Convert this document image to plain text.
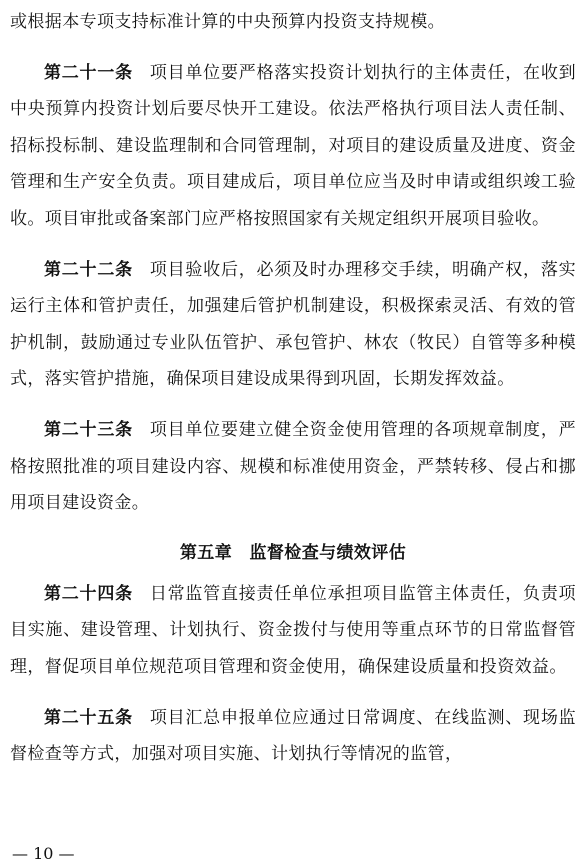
或根据本专项支持标准计算的中央预算内投资支持规模。

第二十一条 项目单位要严格落实投资计划执行的主体责任，在收到中央预算内投资计划后要尽快开工建设。依法严格执行项目法人责任制、招标投标制、建设监理制和合同管理制，对项目的建设质量及进度、资金管理和生产安全负责。项目建成后，项目单位应当及时申请或组织竣工验收。项目审批或备案部门应严格按照国家有关规定组织开展项目验收。

第二十二条 项目验收后，必须及时办理移交手续，明确产权，落实运行主体和管护责任，加强建后管护机制建设，积极探索灵活、有效的管护机制，鼓励通过专业队伍管护、承包管护、林农（牧民）自管等多种模式，落实管护措施，确保项目建设成果得到巩固，长期发挥效益。

第二十三条 项目单位要建立健全资金使用管理的各项规章制度，严格按照批准的项目建设内容、规模和标准使用资金，严禁转移、侵占和挪用项目建设资金。

第五章　监督检查与绩效评估

第二十四条 日常监管直接责任单位承担项目监管主体责任，负责项目实施、建设管理、计划执行、资金拨付与使用等重点环节的日常监督管理，督促项目单位规范项目管理和资金使用，确保建设质量和投资效益。

第二十五条 项目汇总申报单位应通过日常调度、在线监测、现场监督检查等方式，加强对项目实施、计划执行等情况的监管，

— 10 —
